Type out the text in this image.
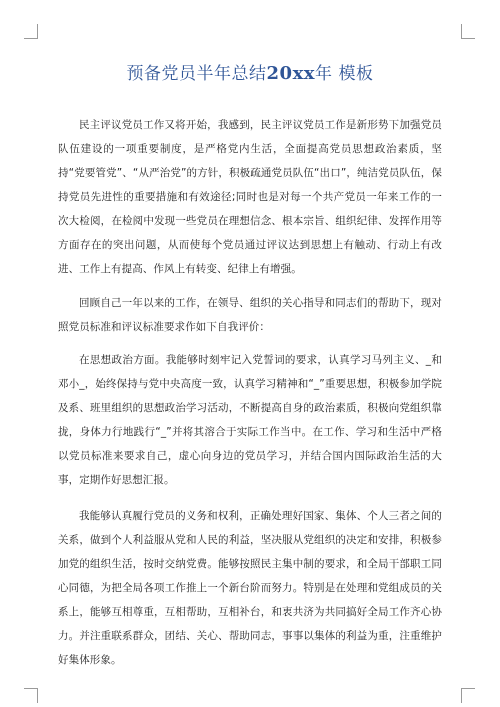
预备党员半年总结20xx年 模板

民主评议党员工作又将开始，我感到，民主评议党员工作是新形势下加强党员队伍建设的一项重要制度，是严格党内生活，全面提高党员思想政治素质，坚持“党要管党”、“从严治党”的方针，积极疏通党员队伍“出口”，纯洁党员队伍，保持党员先进性的重要措施和有效途径;同时也是对每一个共产党员一年来工作的一次大检阅，在检阅中发现一些党员在理想信念、根本宗旨、组织纪律、发挥作用等方面存在的突出问题，从而使每个党员通过评议达到思想上有触动、行动上有改进、工作上有提高、作风上有转变、纪律上有增强。

回顾自己一年以来的工作，在领导、组织的关心指导和同志们的帮助下，现对照党员标准和评议标准要求作如下自我评价：

在思想政治方面。我能够时刻牢记入党誓词的要求，认真学习马列主义、_和邓小_，始终保持与党中央高度一致，认真学习精神和“_”重要思想，积极参加学院及系、班里组织的思想政治学习活动，不断提高自身的政治素质，积极向党组织靠拢，身体力行地践行“_”并将其溶合于实际工作当中。在工作、学习和生活中严格以党员标准来要求自己，虚心向身边的党员学习，并结合国内国际政治生活的大事，定期作好思想汇报。

我能够认真履行党员的义务和权利，正确处理好国家、集体、个人三者之间的关系，做到个人利益服从党和人民的利益，坚决服从党组织的决定和安排，积极参加党的组织生活，按时交纳党费。能够按照民主集中制的要求，和全局干部职工同心同德，为把全局各项工作推上一个新台阶而努力。特别是在处理和党组成员的关系上，能够互相尊重，互相帮助，互相补台，和衷共济为共同搞好全局工作齐心协力。并注重联系群众，团结、关心、帮助同志，事事以集体的利益为重，注重维护好集体形象。
